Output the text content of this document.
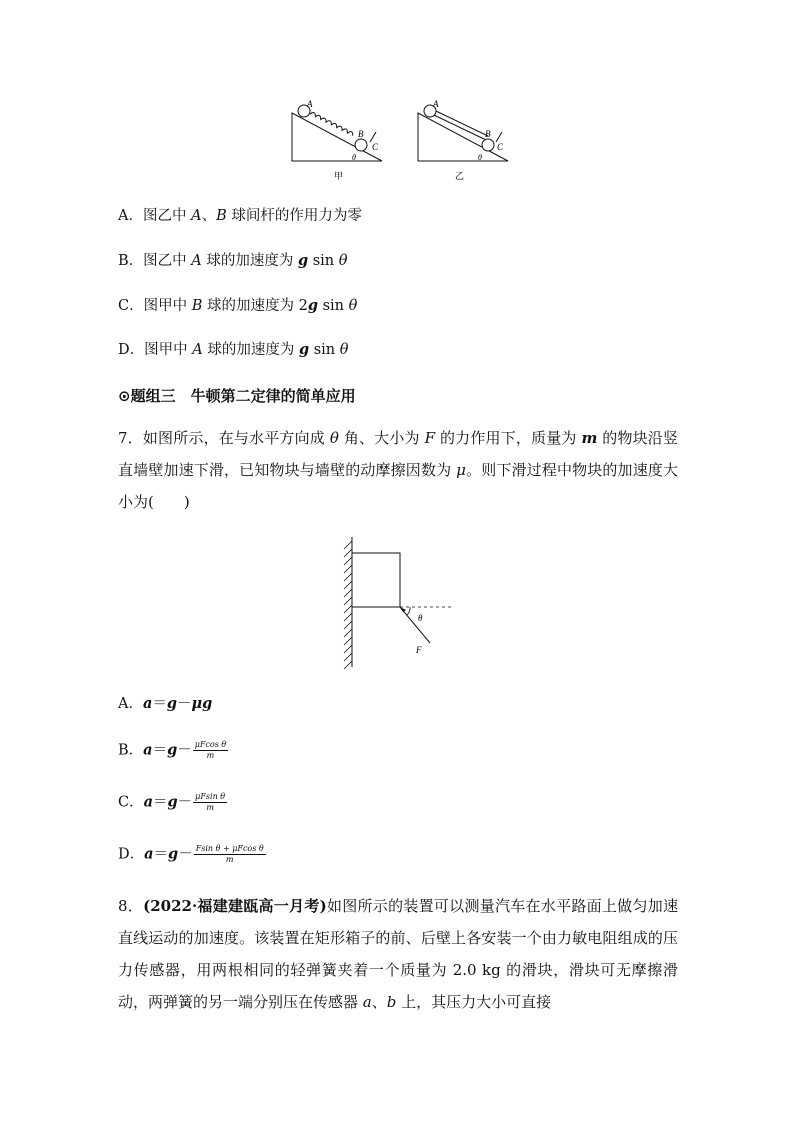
A
B
C
θ
甲
A
B
C
θ
乙
A．图乙中 A、B 球间杆的作用力为零
B．图乙中 A 球的加速度为 g sin θ
C．图甲中 B 球的加速度为 2g sin θ
D．图甲中 A 球的加速度为 g sin θ
⊙题组三　牛顿第二定律的简单应用
7．如图所示，在与水平方向成 θ 角、大小为 F 的力作用下，质量为 m 的物块沿竖直墙壁加速下滑，已知物块与墙壁的动摩擦因数为 μ。则下滑过程中物块的加速度大小为(　　)
θ
F
A．a＝g－μg
B．$a=g- \frac{\text{μFcos θ}}{m}$
C．$a=g- \frac{\text{μFsin θ}}{m}$
D．$a=g- \frac{\text{Fsin θ + μFcos θ}}{m}$
8．(2022·福建建瓯高一月考)如图所示的装置可以测量汽车在水平路面上做匀加速直线运动的加速度。该装置在矩形箱子的前、后壁上各安装一个由力敏电阻组成的压力传感器，用两根相同的轻弹簧夹着一个质量为 2.0 kg 的滑块，滑块可无摩擦滑动，两弹簧的另一端分别压在传感器 a、b 上，其压力大小可直接
